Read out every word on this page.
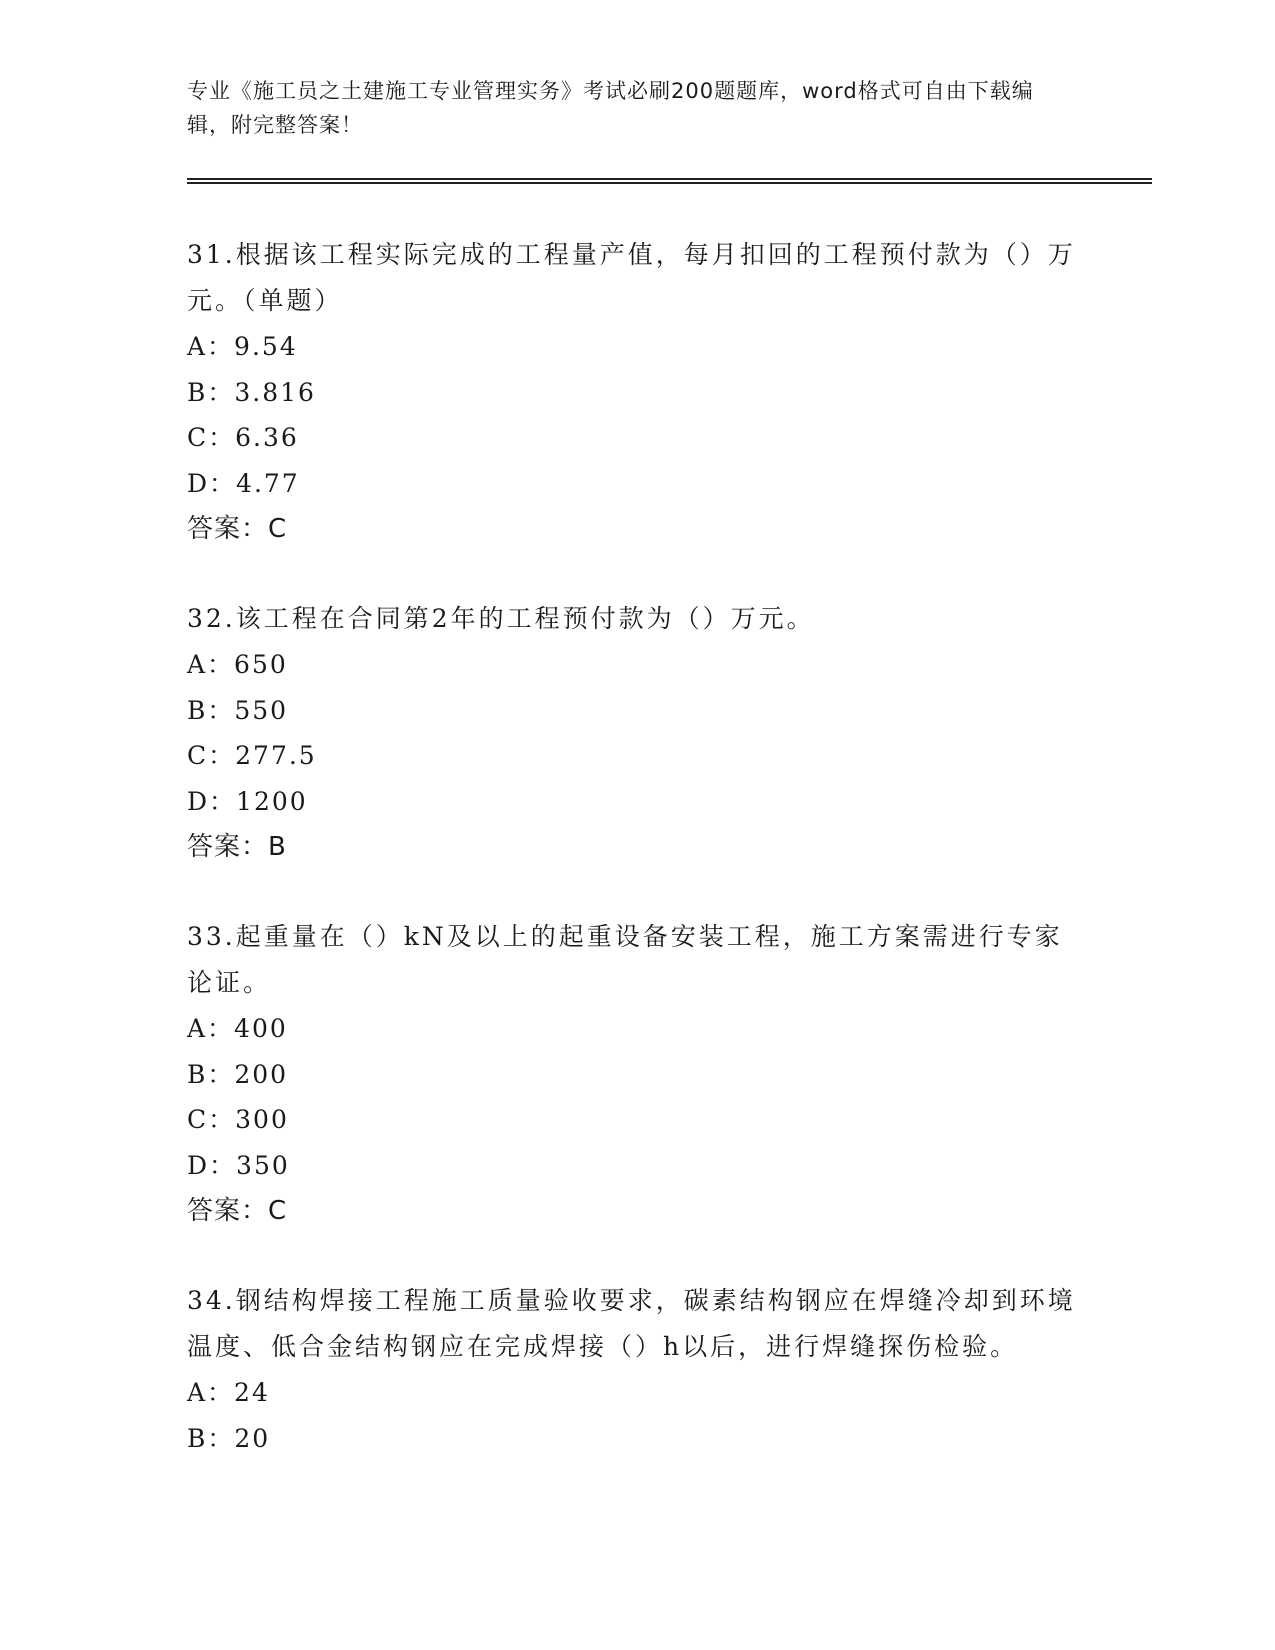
专业《施工员之土建施工专业管理实务》考试必刷200题题库，word格式可自由下载编辑，附完整答案！
31.根据该工程实际完成的工程量产值，每月扣回的工程预付款为（）万元。（单题）
A：9.54
B：3.816
C：6.36
D：4.77
答案：C
32.该工程在合同第2年的工程预付款为（）万元。
A：650
B：550
C：277.5
D：1200
答案：B
33.起重量在（）kN及以上的起重设备安装工程，施工方案需进行专家论证。
A：400
B：200
C：300
D：350
答案：C
34.钢结构焊接工程施工质量验收要求，碳素结构钢应在焊缝冷却到环境温度、低合金结构钢应在完成焊接（）h以后，进行焊缝探伤检验。
A：24
B：20
